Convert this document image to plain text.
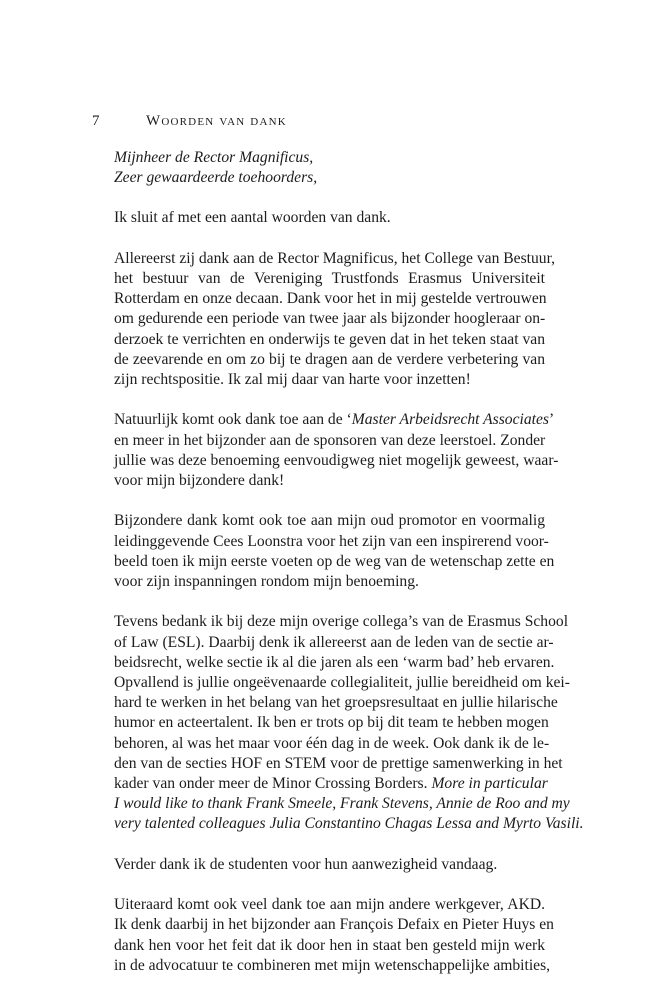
7	Woorden van dank
Mijnheer de Rector Magnificus,
Zeer gewaardeerde toehoorders,
Ik sluit af met een aantal woorden van dank.
Allereerst zij dank aan de Rector Magnificus, het College van Bestuur,
het bestuur van de Vereniging Trustfonds Erasmus Universiteit
Rotterdam en onze decaan. Dank voor het in mij gestelde vertrouwen
om gedurende een periode van twee jaar als bijzonder hoogleraar on-
derzoek te verrichten en onderwijs te geven dat in het teken staat van
de zeevarende en om zo bij te dragen aan de verdere verbetering van
zijn rechtspositie. Ik zal mij daar van harte voor inzetten!
Natuurlijk komt ook dank toe aan de ‘Master Arbeidsrecht Associates’
en meer in het bijzonder aan de sponsoren van deze leerstoel. Zonder
jullie was deze benoeming eenvoudigweg niet mogelijk geweest, waar-
voor mijn bijzondere dank!
Bijzondere dank komt ook toe aan mijn oud promotor en voormalig
leidinggevende Cees Loonstra voor het zijn van een inspirerend voor-
beeld toen ik mijn eerste voeten op de weg van de wetenschap zette en
voor zijn inspanningen rondom mijn benoeming.
Tevens bedank ik bij deze mijn overige collega’s van de Erasmus School
of Law (ESL). Daarbij denk ik allereerst aan de leden van de sectie ar-
beidsrecht, welke sectie ik al die jaren als een ‘warm bad’ heb ervaren.
Opvallend is jullie ongeëvenaarde collegialiteit, jullie bereidheid om kei-
hard te werken in het belang van het groepsresultaat en jullie hilarische
humor en acteertalent. Ik ben er trots op bij dit team te hebben mogen
behoren, al was het maar voor één dag in de week. Ook dank ik de le-
den van de secties HOF en STEM voor de prettige samenwerking in het
kader van onder meer de Minor Crossing Borders. More in particular
I would like to thank Frank Smeele, Frank Stevens, Annie de Roo and my
very talented colleagues Julia Constantino Chagas Lessa and Myrto Vasili.
Verder dank ik de studenten voor hun aanwezigheid vandaag.
Uiteraard komt ook veel dank toe aan mijn andere werkgever, AKD.
Ik denk daarbij in het bijzonder aan François Defaix en Pieter Huys en
dank hen voor het feit dat ik door hen in staat ben gesteld mijn werk
in de advocatuur te combineren met mijn wetenschappelijke ambities,
